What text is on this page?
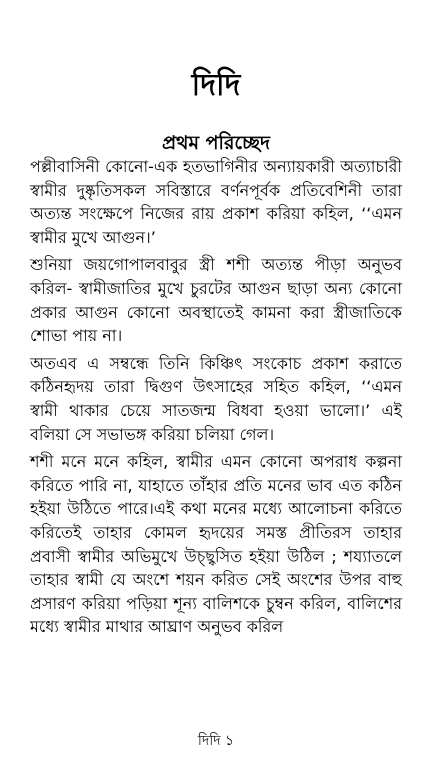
দিদি
প্রথম পরিচ্ছেদ

পল্লীবাসিনী কোনো-এক হতভাগিনীর অন্যায়কারী অত্যাচারী স্বামীর দুষ্কৃতিসকল সবিস্তারে বর্ণনপূর্বক প্রতিবেশিনী তারা অত্যন্ত সংক্ষেপে নিজের রায় প্রকাশ করিয়া কহিল, ‘‘এমন স্বামীর মুখে আগুন।’

শুনিয়া জয়গোপালবাবুর স্ত্রী শশী অত্যন্ত পীড়া অনুভব করিল- স্বামীজাতির মুখে চুরটের আগুন ছাড়া অন্য কোনো প্রকার আগুন কোনো অবস্থাতেই কামনা করা স্ত্রীজাতিকে শোভা পায় না।

অতএব এ সম্বন্ধে তিনি কিঞ্চিৎ সংকোচ প্রকাশ করাতে কঠিনহৃদয় তারা দ্বিগুণ উৎসাহের সহিত কহিল, ‘‘এমন স্বামী থাকার চেয়ে সাতজন্ম বিধবা হওয়া ভালো।’ এই বলিয়া সে সভাভঙ্গ করিয়া চলিয়া গেল।

শশী মনে মনে কহিল, স্বামীর এমন কোনো অপরাধ কল্পনা করিতে পারি না, যাহাতে তাঁহার প্রতি মনের ভাব এত কঠিন হইয়া উঠিতে পারে।এই কথা মনের মধ্যে আলোচনা করিতে করিতেই তাহার কোমল হৃদয়ের সমস্ত প্রীতিরস তাহার প্রবাসী স্বামীর অভিমুখে উচ্ছ্বসিত হইয়া উঠিল ; শয্যাতলে তাহার স্বামী যে অংশে শয়ন করিত সেই অংশের উপর বাহু প্রসারণ করিয়া পড়িয়া শূন্য বালিশকে চুম্বন করিল, বালিশের মধ্যে স্বামীর মাথার আঘ্রাণ অনুভব করিল

দিদি ১
